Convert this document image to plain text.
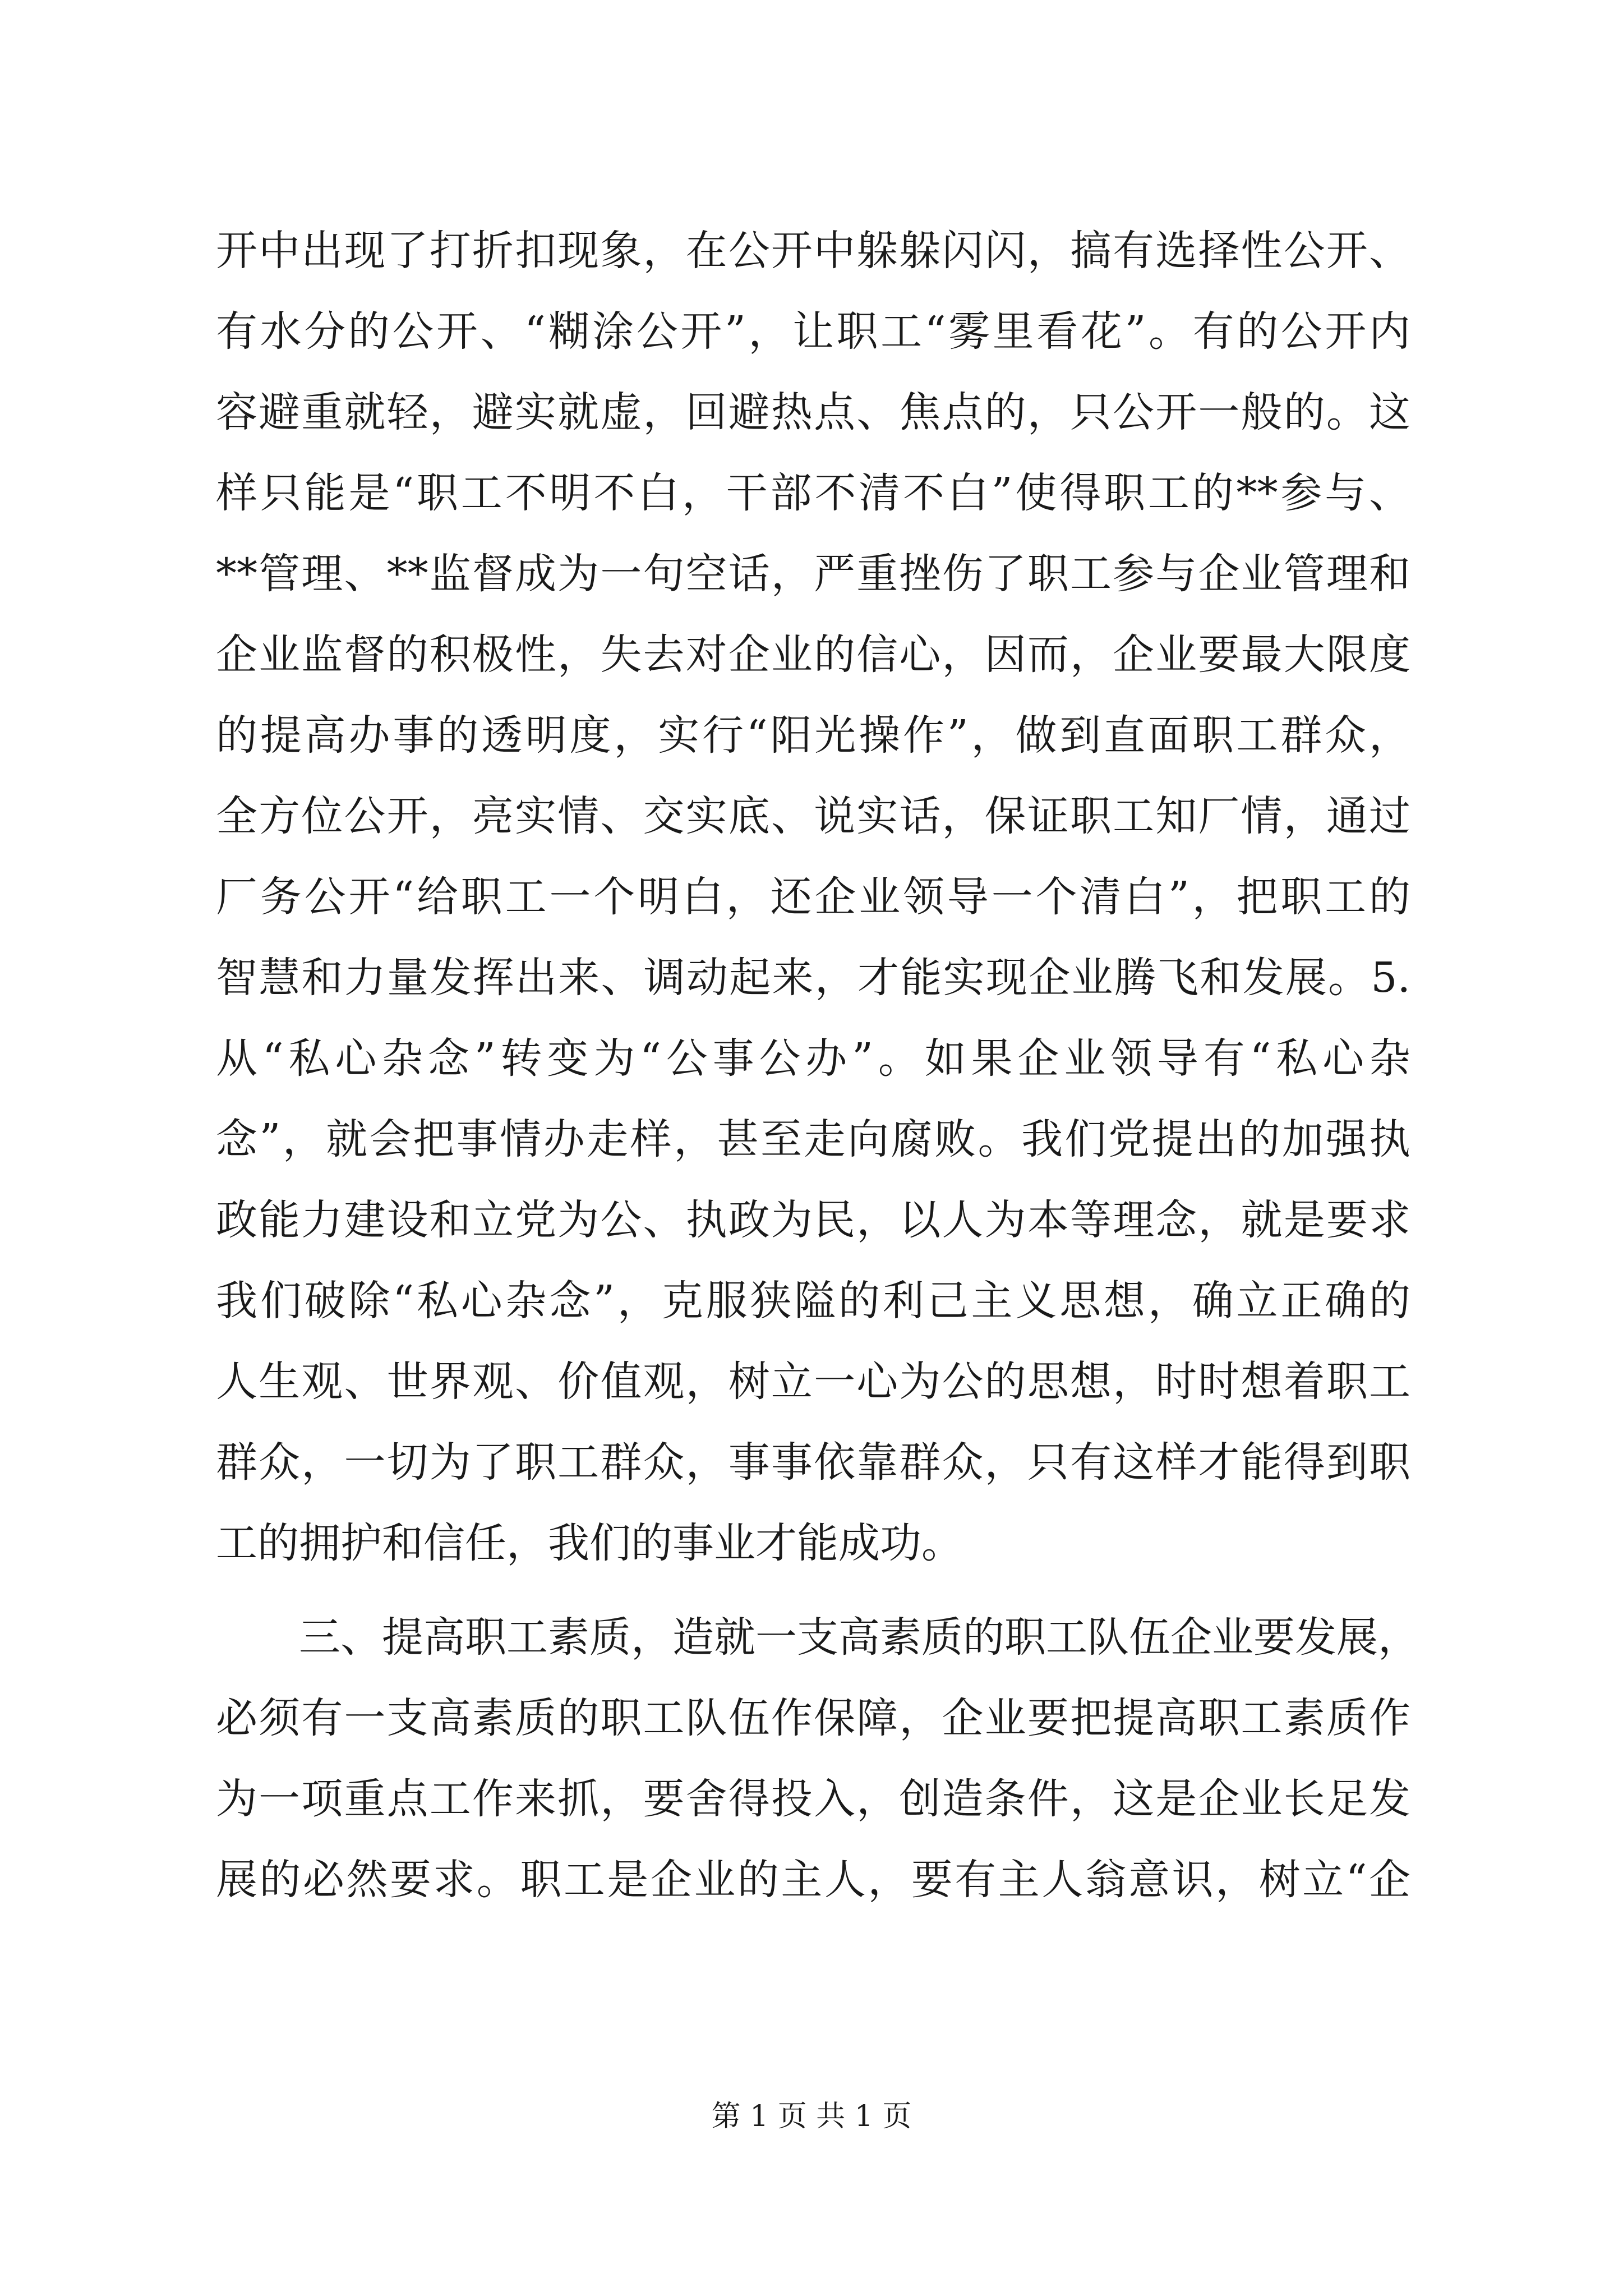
开中出现了打折扣现象，在公开中躲躲闪闪，搞有选择性公开、
有水分的公开、“糊涂公开”，让职工“雾里看花”。有的公开内
容避重就轻，避实就虚，回避热点、焦点的，只公开一般的。这
样只能是“职工不明不白，干部不清不白”使得职工的**参与、
**管理、**监督成为一句空话，严重挫伤了职工参与企业管理和
企业监督的积极性，失去对企业的信心，因而，企业要最大限度
的提高办事的透明度，实行“阳光操作”，做到直面职工群众，
全方位公开，亮实情、交实底、说实话，保证职工知厂情，通过
厂务公开“给职工一个明白，还企业领导一个清白”，把职工的
智慧和力量发挥出来、调动起来，才能实现企业腾飞和发展。5.
从“私心杂念”转变为“公事公办”。如果企业领导有“私心杂
念”，就会把事情办走样，甚至走向腐败。我们党提出的加强执
政能力建设和立党为公、执政为民，以人为本等理念，就是要求
我们破除“私心杂念”，克服狭隘的利己主义思想，确立正确的
人生观、世界观、价值观，树立一心为公的思想，时时想着职工
群众，一切为了职工群众，事事依靠群众，只有这样才能得到职
工的拥护和信任，我们的事业才能成功。
三、提高职工素质，造就一支高素质的职工队伍企业要发展，
必须有一支高素质的职工队伍作保障，企业要把提高职工素质作
为一项重点工作来抓，要舍得投入，创造条件，这是企业长足发
展的必然要求。职工是企业的主人，要有主人翁意识，树立“企
第 1 页 共 1 页
